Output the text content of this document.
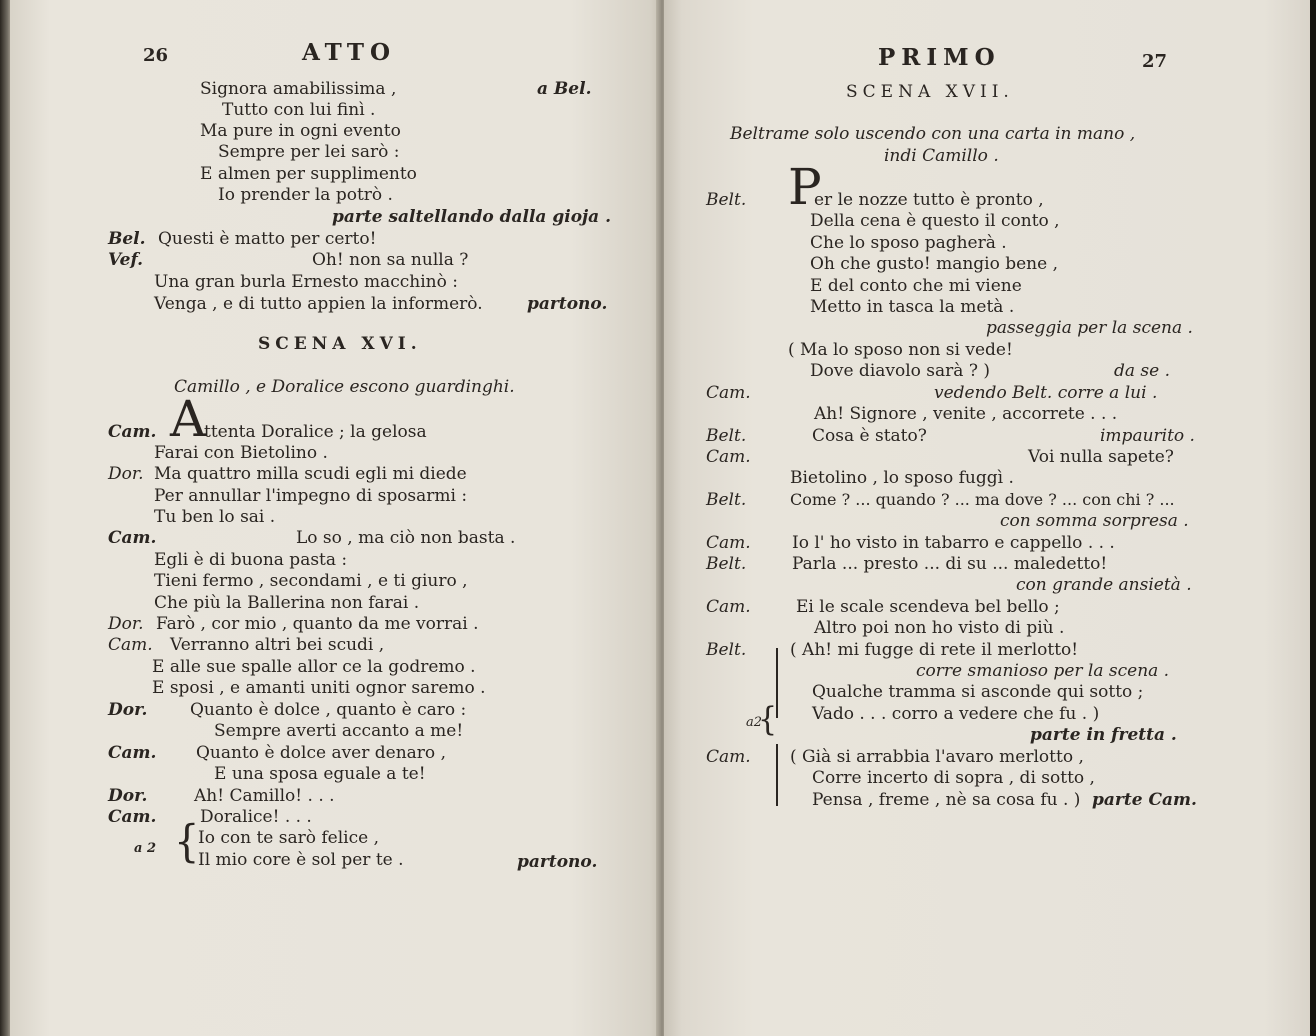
26	ATTO
Signora amabilissima ,	a Bel.
Tutto con lui finì .
Ma pure in ogni evento
Sempre per lei sarò :
E almen per supplimento
Io prender la potrò .
parte saltellando dalla gioja .
Bel. Questi è matto per certo!
Vef.	Oh! non sa nulla ?
Una gran burla Ernesto macchinò :
Venga , e di tutto appien la informerò.	partono.
SCENA XVI.
Camillo , e Doralice escono guardinghi.
Cam. A
ttenta Doralice ; la gelosa
Farai con Bietolino .
Dor. Ma quattro milla scudi egli mi diede
Per annullar l'impegno di sposarmi :
Tu ben lo sai .
Cam.	Lo so , ma ciò non basta .
Egli è di buona pasta :
Tieni fermo , secondami , e ti giuro ,
Che più la Ballerina non farai .
Dor. Farò , cor mio , quanto da me vorrai .
Cam. Verranno altri bei scudi ,
E alle sue spalle allor ce la godremo .
E sposi , e amanti uniti ognor saremo .
Dor.	Quanto è dolce , quanto è caro :
Sempre averti accanto a me!
Cam. Quanto è dolce aver denaro ,
E una sposa eguale a te!
Dor.	Ah! Camillo! . . .
Cam.	Doralice! . . .
a 2 {
Io con te sarò felice ,
Il mio core è sol per te .	partono.
PRIMO	27
SCENA XVII.
Beltrame solo uscendo con una carta in mano ,
indi Camillo .
Belt. P
er le nozze tutto è pronto ,
Della cena è questo il conto ,
Che lo sposo pagherà .
Oh che gusto! mangio bene ,
E del conto che mi viene
Metto in tasca la metà .
passeggia per la scena .
( Ma lo sposo non si vede!
Dove diavolo sarà ? )	da se .
Cam.	vedendo Belt. corre a lui .
Ah! Signore , venite , accorrete . . .
Belt.	Cosa è stato?	impaurito .
Cam.	Voi nulla sapete?
Bietolino , lo sposo fuggì .
Belt.	Come ? ... quando ? ... ma dove ? ... con chi ? ...
con somma sorpresa .
Cam. Io l' ho visto in tabarro e cappello . . .
Belt.	Parla ... presto ... di su ... maledetto!
con grande ansietà .
Cam.	Ei le scale scendeva bel bello ;
Altro poi non ho visto di più .
Belt.	( Ah! mi fugge di rete il merlotto!
corre smanioso per la scena .
Qualche tramma si asconde qui sotto ;
a2	Vado . . . corro a vedere che fu . )
parte in fretta .
Cam. ( Già si arrabbia l'avaro merlotto ,
Corre incerto di sopra , di sotto ,
Pensa , freme , nè sa cosa fu . ) parte Cam.
{
